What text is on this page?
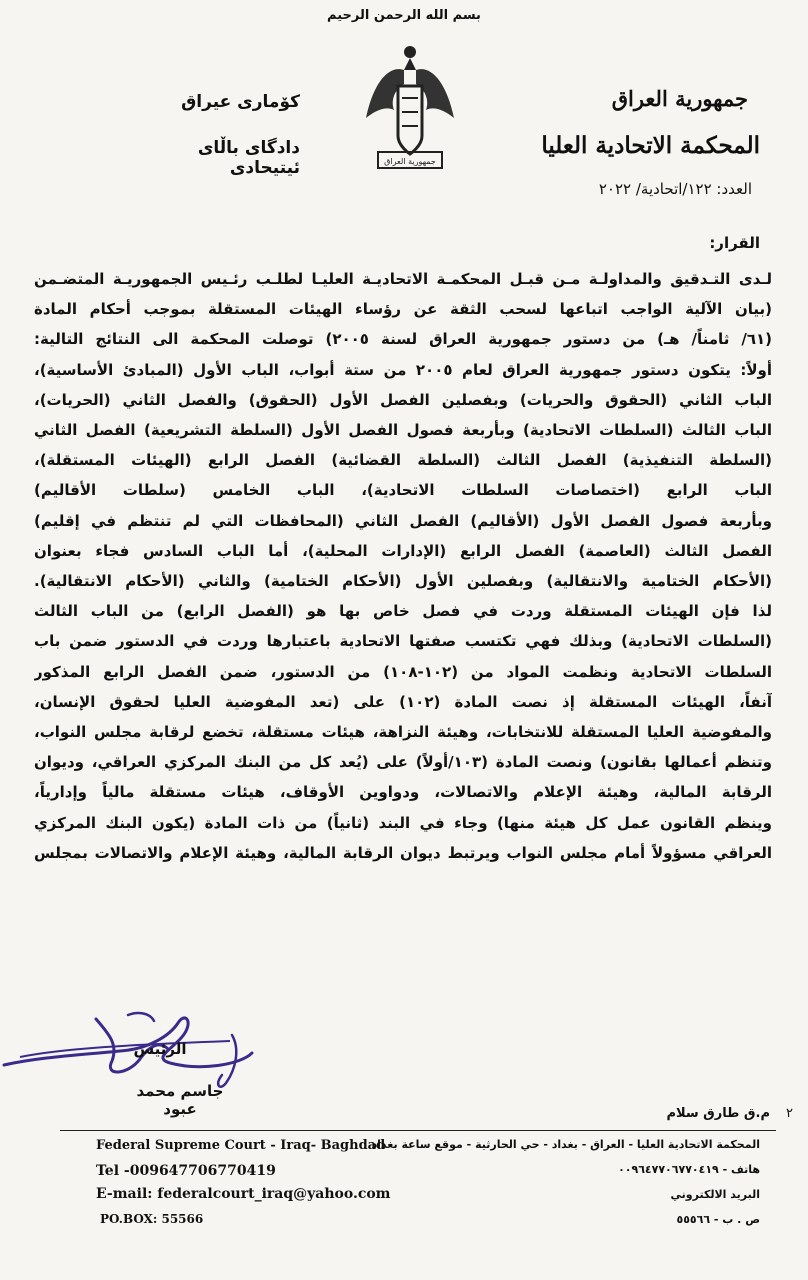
بسم الله الرحمن الرحيم
جمهورية العراق
المحكمة الاتحادية العليا
العدد: ١٢٢/اتحادية/ ٢٠٢٢
كۆمارى عيراق
دادگای باڵای ئیتیحادی	جمهورية العراق
القرار:
لـدى التـدقيق والمداولـة مـن قبـل المحكمـة الاتحاديـة العليـا لطلـب رئـيس الجمهوريـة المتضـمن
(بيان الآلية الواجب اتباعها لسحب الثقة عن رؤساء الهيئات المستقلة بموجب أحكام المادة
(٦١/ ثامناً/ هـ) من دستور جمهورية العراق لسنة ٢٠٠٥) توصلت المحكمة الى النتائج التالية:
أولاً: يتكون دستور جمهورية العراق لعام ٢٠٠٥ من ستة أبواب، الباب الأول (المبادئ الأساسية)،
الباب الثاني (الحقوق والحريات) وبفصلين الفصل الأول (الحقوق) والفصل الثاني (الحريات)،
الباب الثالث (السلطات الاتحادية) وبأربعة فصول الفصل الأول (السلطة التشريعية) الفصل الثاني
(السلطة التنفيذية) الفصل الثالث (السلطة القضائية) الفصل الرابع (الهيئات المستقلة)،
الباب الرابع (اختصاصات السلطات الاتحادية)، الباب الخامس (سلطات الأقاليم)
وبأربعة فصول الفصل الأول (الأقاليم) الفصل الثاني (المحافظات التي لم تنتظم في إقليم)
الفصل الثالث (العاصمة) الفصل الرابع (الإدارات المحلية)، أما الباب السادس فجاء بعنوان
(الأحكام الختامية والانتقالية) وبفصلين الأول (الأحكام الختامية) والثاني (الأحكام الانتقالية).
لذا فإن الهيئات المستقلة وردت في فصل خاص بها هو (الفصل الرابع) من الباب الثالث
(السلطات الاتحادية) وبذلك فهي تكتسب صفتها الاتحادية باعتبارها وردت في الدستور ضمن باب
السلطات الاتحادية ونظمت المواد من (١٠٢-١٠٨) من الدستور، ضمن الفصل الرابع المذكور
آنفاً، الهيئات المستقلة إذ نصت المادة (١٠٢) على (تعد المفوضية العليا لحقوق الإنسان،
والمفوضية العليا المستقلة للانتخابات، وهيئة النزاهة، هيئات مستقلة، تخضع لرقابة مجلس النواب،
وتنظم أعمالها بقانون) ونصت المادة (١٠٣/أولاً) على (يُعد كل من البنك المركزي العراقي، وديوان
الرقابة المالية، وهيئة الإعلام والاتصالات، ودواوين الأوقاف، هيئات مستقلة مالياً وإدارياً،
وينظم القانون عمل كل هيئة منها) وجاء في البند (ثانياً) من ذات المادة (يكون البنك المركزي
العراقي مسؤولاً أمام مجلس النواب ويرتبط ديوان الرقابة المالية، وهيئة الإعلام والاتصالات بمجلس
الرئيس
جاسم محمد عبود	٢
م.ق طارق سلام
Federal Supreme Court - Iraq- Baghdad
Tel -009647706770419
E-mail: federalcourt_iraq@yahoo.com
PO.BOX: 55566
المحكمة الاتحادية العليا - العراق - بغداد - حي الحارثية - موقع ساعة بغداد
هاتف - ٠٠٩٦٤٧٧٠٦٧٧٠٤١٩
البريد الالكتروني
ص . ب - ٥٥٥٦٦
